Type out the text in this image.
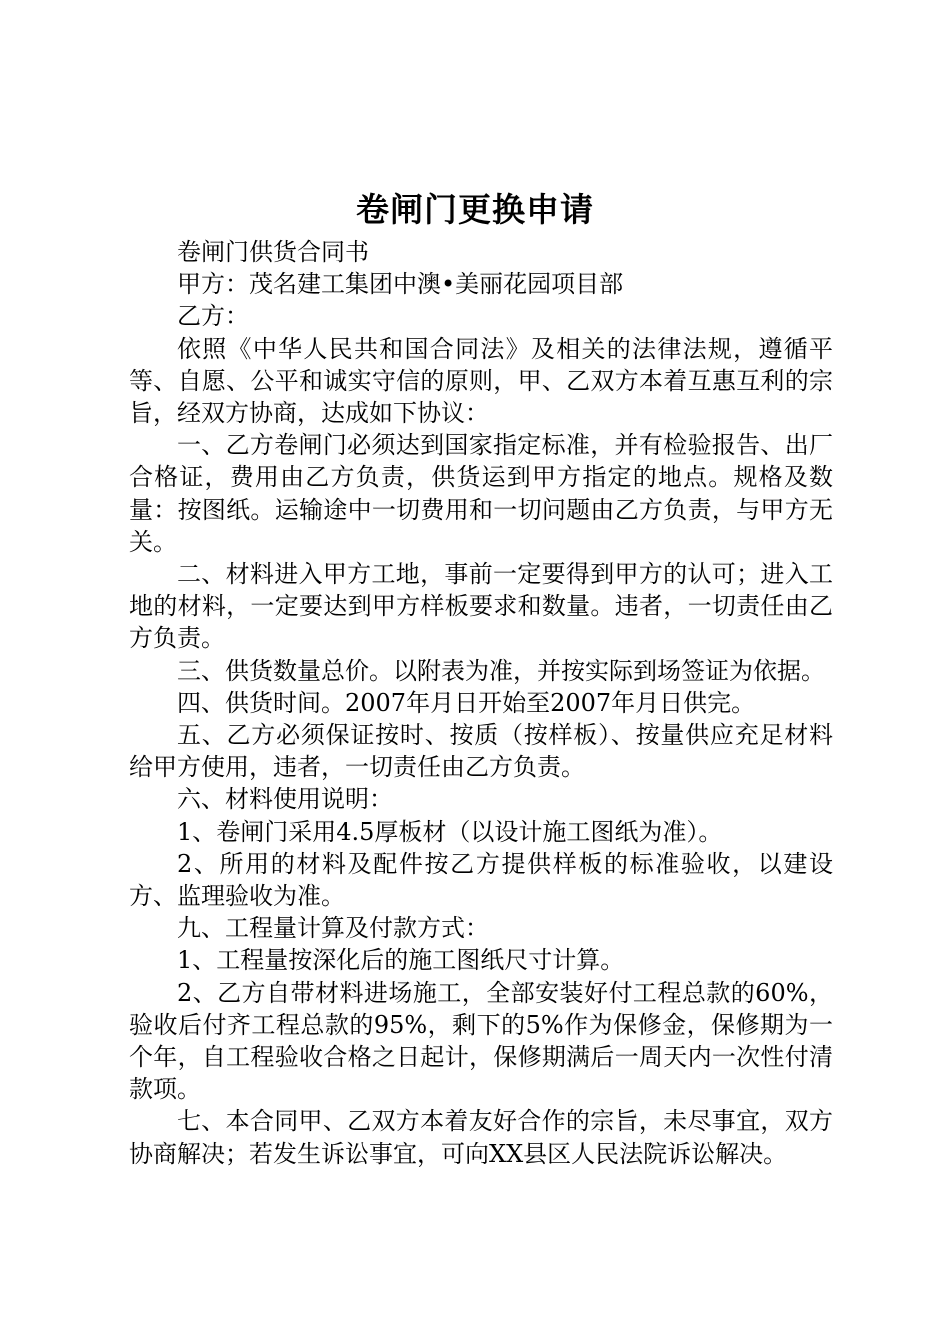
卷闸门更换申请

卷闸门供货合同书

甲方：茂名建工集团中澳•美丽花园项目部

乙方：

依照《中华人民共和国合同法》及相关的法律法规，遵循平等、自愿、公平和诚实守信的原则，甲、乙双方本着互惠互利的宗旨，经双方协商，达成如下协议：

一、乙方卷闸门必须达到国家指定标准，并有检验报告、出厂合格证，费用由乙方负责，供货运到甲方指定的地点。规格及数量：按图纸。运输途中一切费用和一切问题由乙方负责，与甲方无关。

二、材料进入甲方工地，事前一定要得到甲方的认可；进入工地的材料，一定要达到甲方样板要求和数量。违者，一切责任由乙方负责。

三、供货数量总价。以附表为准，并按实际到场签证为依据。

四、供货时间。2007年月日开始至2007年月日供完。

五、乙方必须保证按时、按质（按样板）、按量供应充足材料给甲方使用，违者，一切责任由乙方负责。

六、材料使用说明：

1、卷闸门采用4.5厚板材（以设计施工图纸为准）。

2、所用的材料及配件按乙方提供样板的标准验收，以建设方、监理验收为准。

九、工程量计算及付款方式：

1、工程量按深化后的施工图纸尺寸计算。

2、乙方自带材料进场施工，全部安装好付工程总款的60%，验收后付齐工程总款的95%，剩下的5%作为保修金，保修期为一个年，自工程验收合格之日起计，保修期满后一周天内一次性付清款项。

七、本合同甲、乙双方本着友好合作的宗旨，未尽事宜，双方协商解决；若发生诉讼事宜，可向XX县区人民法院诉讼解决。
